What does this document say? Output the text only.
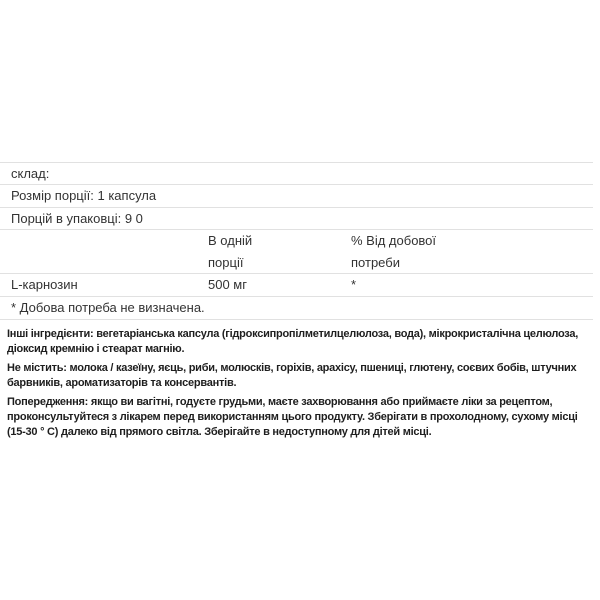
склад:
Розмір порції: 1 капсула
Порцій в упаковці: 9 0
В одній
порції
% Від добової
потреби
L-карнозин	500 мг	*
* Добова потреба не визначена.

Інші інгредієнти: вегетаріанська капсула (гідроксипропілметилцелюлоза, вода), мікрокристалічна целюлоза, діоксид кремнію і стеарат магнію.

Не містить: молока / казеїну, яєць, риби, молюсків, горіхів, арахісу, пшениці, глютену, соєвих бобів, штучних барвників, ароматизаторів та консервантів.

Попередження: якщо ви вагітні, годуєте грудьми, маєте захворювання або приймаєте ліки за рецептом, проконсультуйтеся з лікарем перед використанням цього продукту. Зберігати в прохолодному, сухому місці (15-30 ° C) далеко від прямого світла. Зберігайте в недоступному для дітей місці.
